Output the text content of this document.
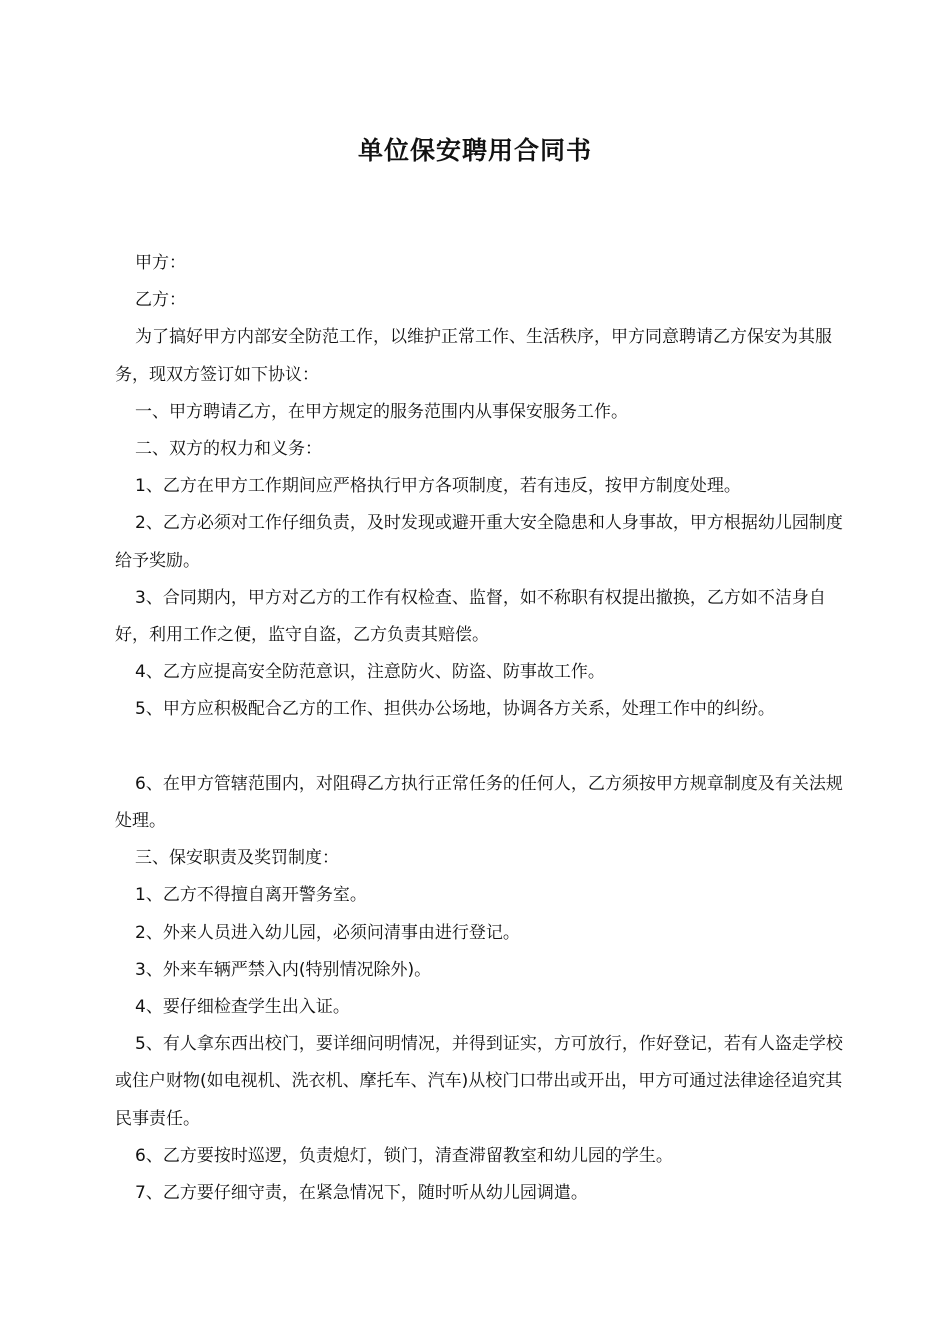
单位保安聘用合同书

甲方：

乙方：

为了搞好甲方内部安全防范工作，以维护正常工作、生活秩序，甲方同意聘请乙方保安为其服务，现双方签订如下协议：

一、甲方聘请乙方，在甲方规定的服务范围内从事保安服务工作。

二、双方的权力和义务：

1、乙方在甲方工作期间应严格执行甲方各项制度，若有违反，按甲方制度处理。

2、乙方必须对工作仔细负责，及时发现或避开重大安全隐患和人身事故，甲方根据幼儿园制度给予奖励。

3、合同期内，甲方对乙方的工作有权检查、监督，如不称职有权提出撤换，乙方如不洁身自好，利用工作之便，监守自盗，乙方负责其赔偿。

4、乙方应提高安全防范意识，注意防火、防盗、防事故工作。

5、甲方应积极配合乙方的工作、担供办公场地，协调各方关系，处理工作中的纠纷。

6、在甲方管辖范围内，对阻碍乙方执行正常任务的任何人，乙方须按甲方规章制度及有关法规处理。

三、保安职责及奖罚制度：

1、乙方不得擅自离开警务室。

2、外来人员进入幼儿园，必须问清事由进行登记。

3、外来车辆严禁入内(特别情况除外)。

4、要仔细检查学生出入证。

5、有人拿东西出校门，要详细问明情况，并得到证实，方可放行，作好登记，若有人盗走学校或住户财物(如电视机、洗衣机、摩托车、汽车)从校门口带出或开出，甲方可通过法律途径追究其民事责任。

6、乙方要按时巡逻，负责熄灯，锁门，清查滞留教室和幼儿园的学生。

7、乙方要仔细守责，在紧急情况下，随时听从幼儿园调遣。
